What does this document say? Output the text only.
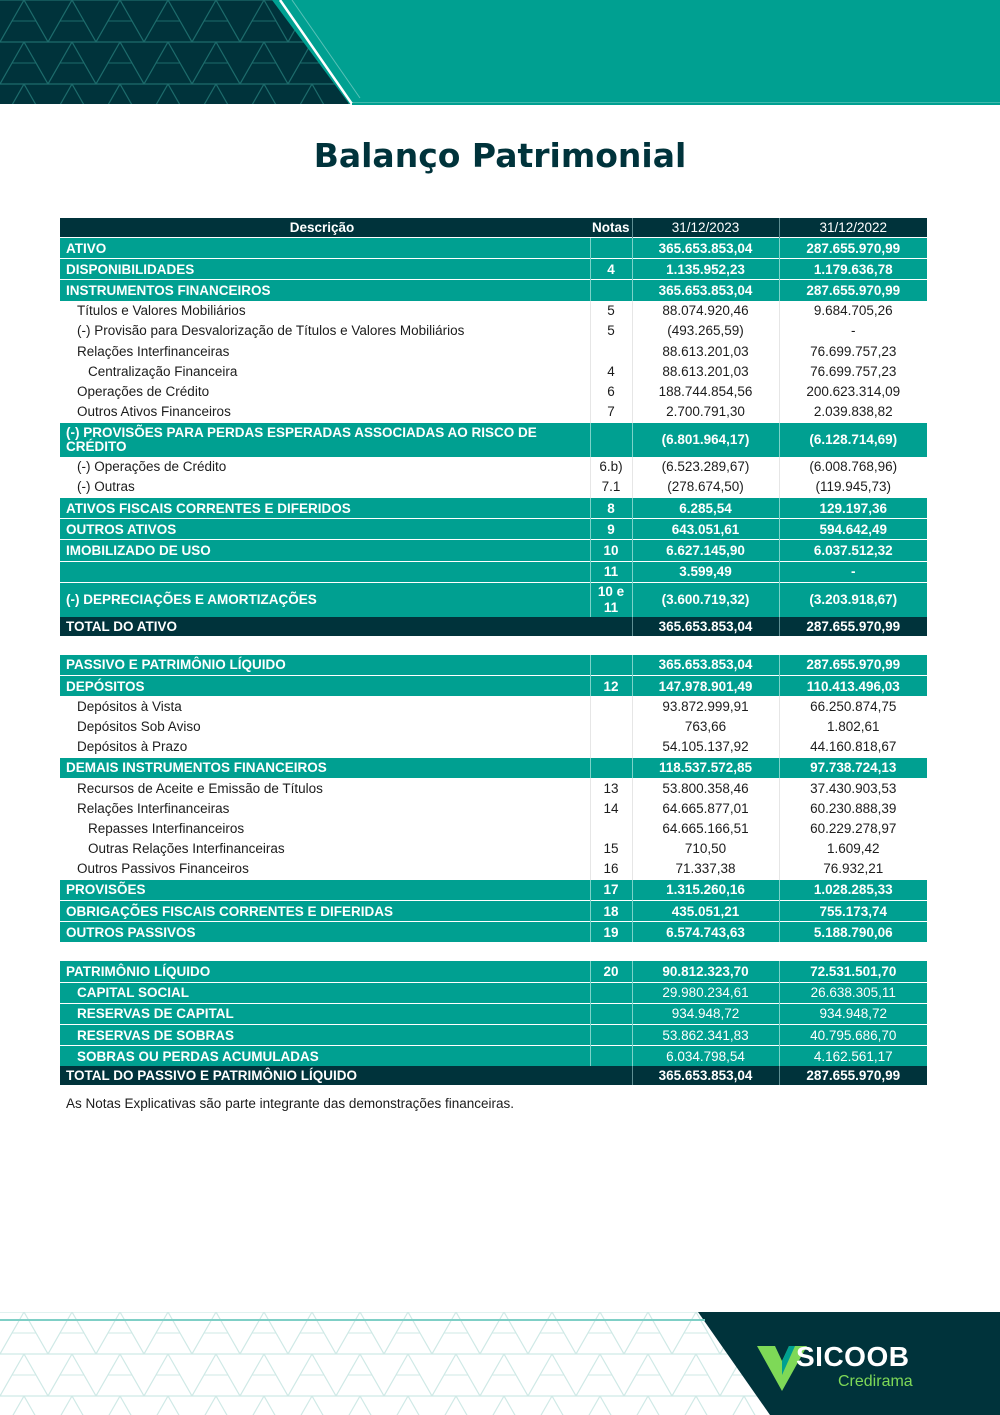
Balanço Patrimonial
Descrição	Notas	31/12/2023	31/12/2022
ATIVO		365.653.853,04	287.655.970,99
DISPONIBILIDADES	4	1.135.952,23	1.179.636,78
INSTRUMENTOS FINANCEIROS		365.653.853,04	287.655.970,99
Títulos e Valores Mobiliários	5	88.074.920,46	9.684.705,26
(-) Provisão para Desvalorização de Títulos e Valores Mobiliários	5	(493.265,59)	-
Relações Interfinanceiras		88.613.201,03	76.699.757,23
Centralização Financeira	4	88.613.201,03	76.699.757,23
Operações de Crédito	6	188.744.854,56	200.623.314,09
Outros Ativos Financeiros	7	2.700.791,30	2.039.838,82
(-) PROVISÕES PARA PERDAS ESPERADAS ASSOCIADAS AO RISCO DE CRÉDITO		(6.801.964,17)	(6.128.714,69)
(-) Operações de Crédito	6.b)	(6.523.289,67)	(6.008.768,96)
(-) Outras	7.1	(278.674,50)	(119.945,73)
ATIVOS FISCAIS CORRENTES E DIFERIDOS	8	6.285,54	129.197,36
OUTROS ATIVOS	9	643.051,61	594.642,49
IMOBILIZADO DE USO	10	6.627.145,90	6.037.512,32
	11	3.599,49	-
(-) DEPRECIAÇÕES E AMORTIZAÇÕES	10 e 11	(3.600.719,32)	(3.203.918,67)
TOTAL DO ATIVO		365.653.853,04	287.655.970,99

PASSIVO E PATRIMÔNIO LÍQUIDO		365.653.853,04	287.655.970,99
DEPÓSITOS	12	147.978.901,49	110.413.496,03
Depósitos à Vista		93.872.999,91	66.250.874,75
Depósitos Sob Aviso		763,66	1.802,61
Depósitos à Prazo		54.105.137,92	44.160.818,67
DEMAIS INSTRUMENTOS FINANCEIROS		118.537.572,85	97.738.724,13
Recursos de Aceite e Emissão de Títulos	13	53.800.358,46	37.430.903,53
Relações Interfinanceiras	14	64.665.877,01	60.230.888,39
Repasses Interfinanceiros		64.665.166,51	60.229.278,97
Outras Relações Interfinanceiras	15	710,50	1.609,42
Outros Passivos Financeiros	16	71.337,38	76.932,21
PROVISÕES	17	1.315.260,16	1.028.285,33
OBRIGAÇÕES FISCAIS CORRENTES E DIFERIDAS	18	435.051,21	755.173,74
OUTROS PASSIVOS	19	6.574.743,63	5.188.790,06

PATRIMÔNIO LÍQUIDO	20	90.812.323,70	72.531.501,70
CAPITAL SOCIAL		29.980.234,61	26.638.305,11
RESERVAS DE CAPITAL		934.948,72	934.948,72
RESERVAS DE SOBRAS		53.862.341,83	40.795.686,70
SOBRAS OU PERDAS ACUMULADAS		6.034.798,54	4.162.561,17
TOTAL DO PASSIVO E PATRIMÔNIO LÍQUIDO		365.653.853,04	287.655.970,99

As Notas Explicativas são parte integrante das demonstrações financeiras.

SICOOB
Credirama
